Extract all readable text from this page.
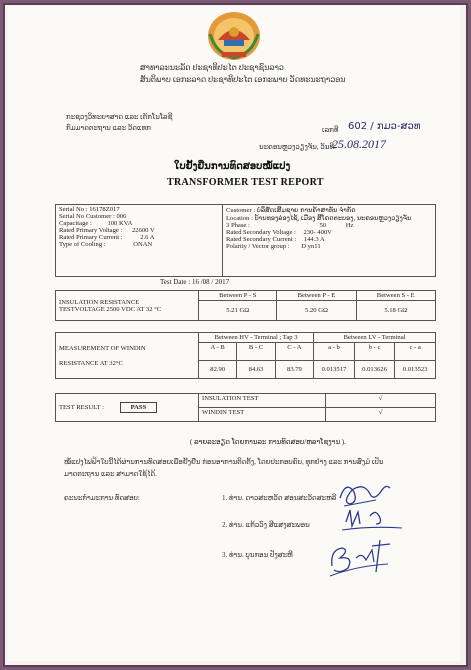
ສາທາລະນະລັດ ປະຊາທິປະໄຕ ປະຊາຊົນລາວ
ສັນຕິພາບ ເອກະລາດ ປະຊາທິປະໄຕ ເອກະພາບ ວັດທະນະຖາວອນ
ກະຊວງວິທະຍາສາດ ແລະ ເຕັກໂນໂລຊີ
ກົມມາດຕະຖານ ແລະ ວັດແທກ	ເລກທີ 602 / ກມວ-ສວທ
ນະຄອນຫຼວງວຽງຈັນ, ວັນທີ:
25.08.2017
ໃບຢັ້ງຢືນການທົດສອບໝໍ້ແປງ
TRANSFORMER TEST REPORT
Serial No : 16178Z017
Serial No Customer : 006
Capacitage : 100 KVA
Rated Primary Voltage : 22600 V
Rated Primary Current :	2.6 A
Type of Cooling :	ONAN

Customer : ບໍລິສັດເສີມຊາຍ ການຄ້າສາທັນ ຈຳກັດ
Location : ບ້ານທອງລ່ອງໄຊ້, ເມືອງ ສີໂຄດຕະບອງ, ນະຄອນຫຼວງວຽງຈັນ
3 Phase :	50	Hz
Rated Secondary Voltage : 230- 400V
Rated Secondary Current : 144.3 A
Polarity / Vector group : D yn11
Test Date : 16 /08 / 2017
INSULATION RESISTANCE
TESTVOLTAGE 2500 VDC AT 32 °C	Between P - S	Between P - E	Between S - E
	5.21 GΩ	5.20 GΩ	5.18 GΩ
MEASUREMENT OF WINDIN
RESISTANCE AT 32°C	Between HV - Terminal ; Tap 3			Between LV - Terminal		
	A - B	B - C	C - A	a - b	b - c	c - a
	82.90	84.63	83.79	0.013517	0.013626	0.013523
TEST RESULT : PASS	INSULATION TEST	√
	WINDIN TEST	√
( ລາຍລະອຽດ ໂດຍການລະ ການທົດສອບ/ຫລາໂຊງານ ).
ໝໍ້ແປງໄຟຟ້າໃບນີ້ໄດ້ຜ່ານການທົດສອບເພື່ອຢັ້ງຢືນ ກ່ອນອາການຕິດຕັ້ງ, ໂດຍປະກອບຄົບ, ທຸກຢ່າງ ແລະ ການສົ່ງມໍ ເປັນ
ມາດຕະຖານ ແລະ ສາມາດໃຊ້ໄດ້.
ຄະນະກຳມະການ ທົດສອບ:	1. ທ່ານ. ດາວສະຫວັດ ສອນສະວັດສະຫລີ
2. ທ່ານ. ແກ້ວວົງ ສີແສງສະພອນ
3. ທ່ານ. ບຸນກອນ ປັງສະຫີ
